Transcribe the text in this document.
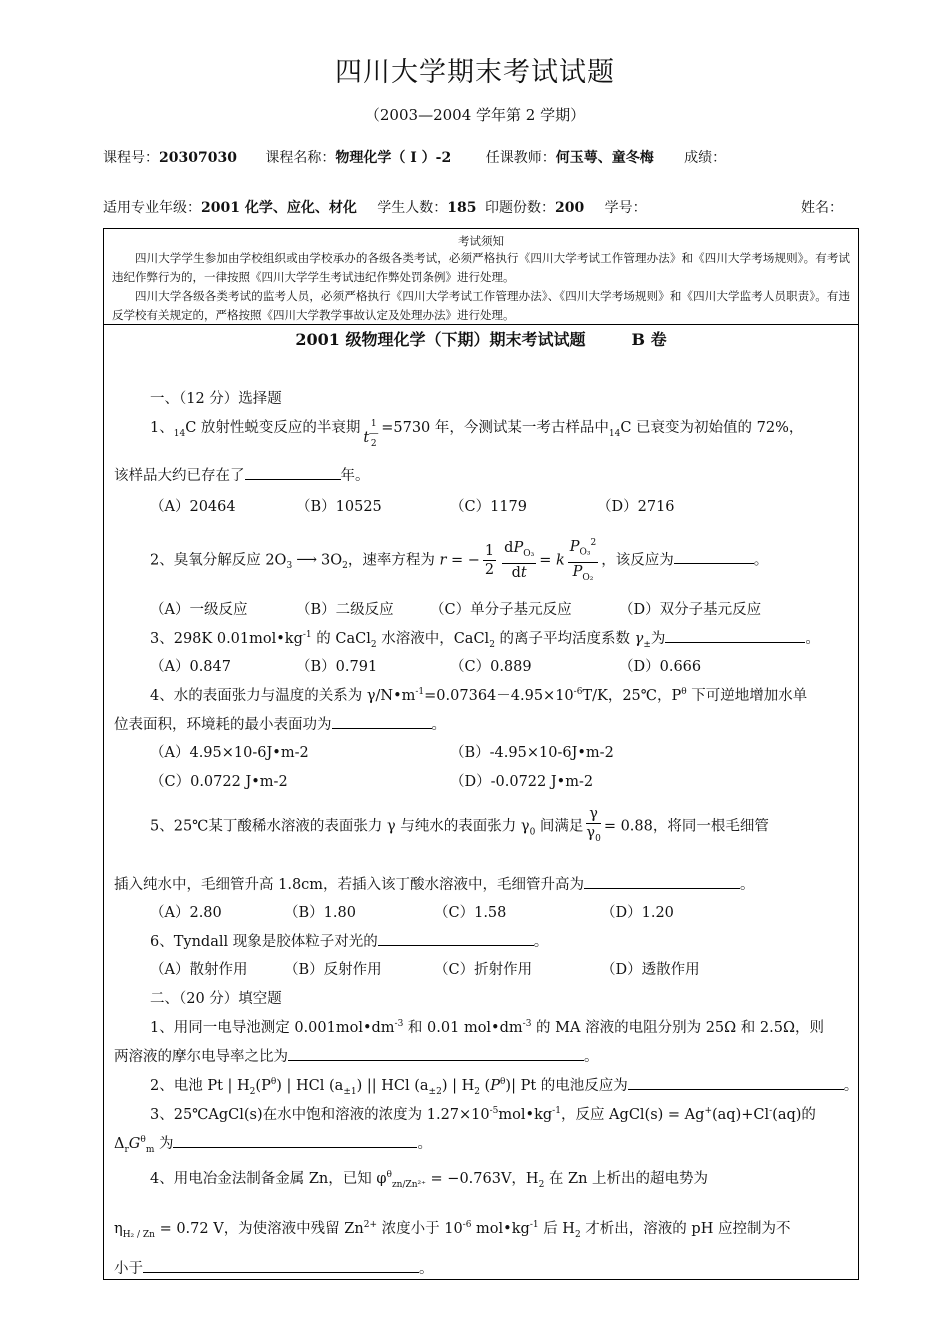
四川大学期末考试试题
（2003—2004 学年第 2 学期）
课程号：20307030 课程名称：物理化学（ I ）-2 任课教师：何玉萼、童冬梅 成绩：
适用专业年级：2001 化学、应化、材化 学生人数：185 印题份数：200 学号：	姓名：
考试须知

四川大学学生参加由学校组织或由学校承办的各级各类考试，必须严格执行《四川大学考试工作管理办法》和《四川大学考场规则》。有考试违纪作弊行为的，一律按照《四川大学学生考试违纪作弊处罚条例》进行处理。

四川大学各级各类考试的监考人员，必须严格执行《四川大学考试工作管理办法》、《四川大学考场规则》和《四川大学监考人员职责》。有违反学校有关规定的，严格按照《四川大学教学事故认定及处理办法》进行处理。

2001 级物理化学（下期）期末考试试题	B 卷
一、（12 分）选择题
1、$_{14}$C 放射性蜕变反应的半衰期$t_{1 ― 2}=5730$ 年，今测试某一考古样品中$_{14}$C 已衰变为初始值的 72%，
该样品大约已存在了	年。
（A）20464	（B）10525	（C）1179	（D）2716
2、臭氧分解反应 $2O_3$ ⟶ $3O_2$，速率方程为 r = − $\frac{1}{2} \frac{dP_{O_3}}{dt} = k \frac{P_{O_3}^2}{P_{O_2}}$ ，该反应为	。
（A）一级反应	（B）二级反应	（C）单分子基元反应	（D）双分子基元反应
3、298K $0.01mol•kg^{-1}$ 的 CaCl$_2$ 水溶液中，CaCl$_2$ 的离子平均活度系数 $\gamma_\pm$为	。
（A）0.847	（B）0.791	（C）0.889	（D）0.666
4、水的表面张力与温度的关系为 $\gamma/N•m^{-1}=0.07364-4.95\times 10^{-6}T/K$，25℃，$P^\theta$ 下可逆地增加水单
位表面积，环境耗的最小表面功为	。
（A）4.95×10-6J•m-2	（B）-4.95×10-6J•m-2
（C）0.0722 J•m-2	（D）-0.0722 J•m-2
5、25℃某丁酸稀水溶液的表面张力 γ 与纯水的表面张力 $\gamma_0$ 间满足 $\frac{\gamma}{\gamma_0} = 0.88$，将同一根毛细管
插入纯水中，毛细管升高 1.8cm，若插入该丁酸水溶液中，毛细管升高为	。
（A）2.80	（B）1.80	（C）1.58	（D）1.20
6、Tyndall 现象是胶体粒子对光的	。
（A）散射作用	（B）反射作用	（C）折射作用	（D）透散作用
二、（20 分）填空题
1、用同一电导池测定 $0.001mol•dm^{-3}$ 和 0.01 $mol•dm^{-3}$ 的 MA 溶液的电阻分别为 25Ω 和 2.5Ω，则
两溶液的摩尔电导率之比为	。
2、电池 Pt | $H_2(P^\theta)$ | HCl $(a_{\pm 1})$ || HCl $(a_{\pm 2})$ | $H_2$ $(P^\theta)|$ Pt 的电池反应为	。
3、25℃AgCl(s)在水中饱和溶液的浓度为 $1.27\times 10^{-5}mol•kg^{-1}$，反应 AgCl(s) = Ag+(aq)+Cl-(aq)的
$\Delta_rG^\theta_m$ 为	。
4、用电冶金法制备金属 Zn，已知 $\varphi^\theta_{zn/Zn^{2+}} = -0.763V$，$H_2$ 在 Zn 上析出的超电势为
$\eta_{H_2 / Zn} = 0.72$ V，为使溶液中残留 $Zn^{2+}$ 浓度小于 $10^{-6}$ $mol•kg^{-1}$ 后 $H_2$ 才析出，溶液的 pH 应控制为不
小于	。
